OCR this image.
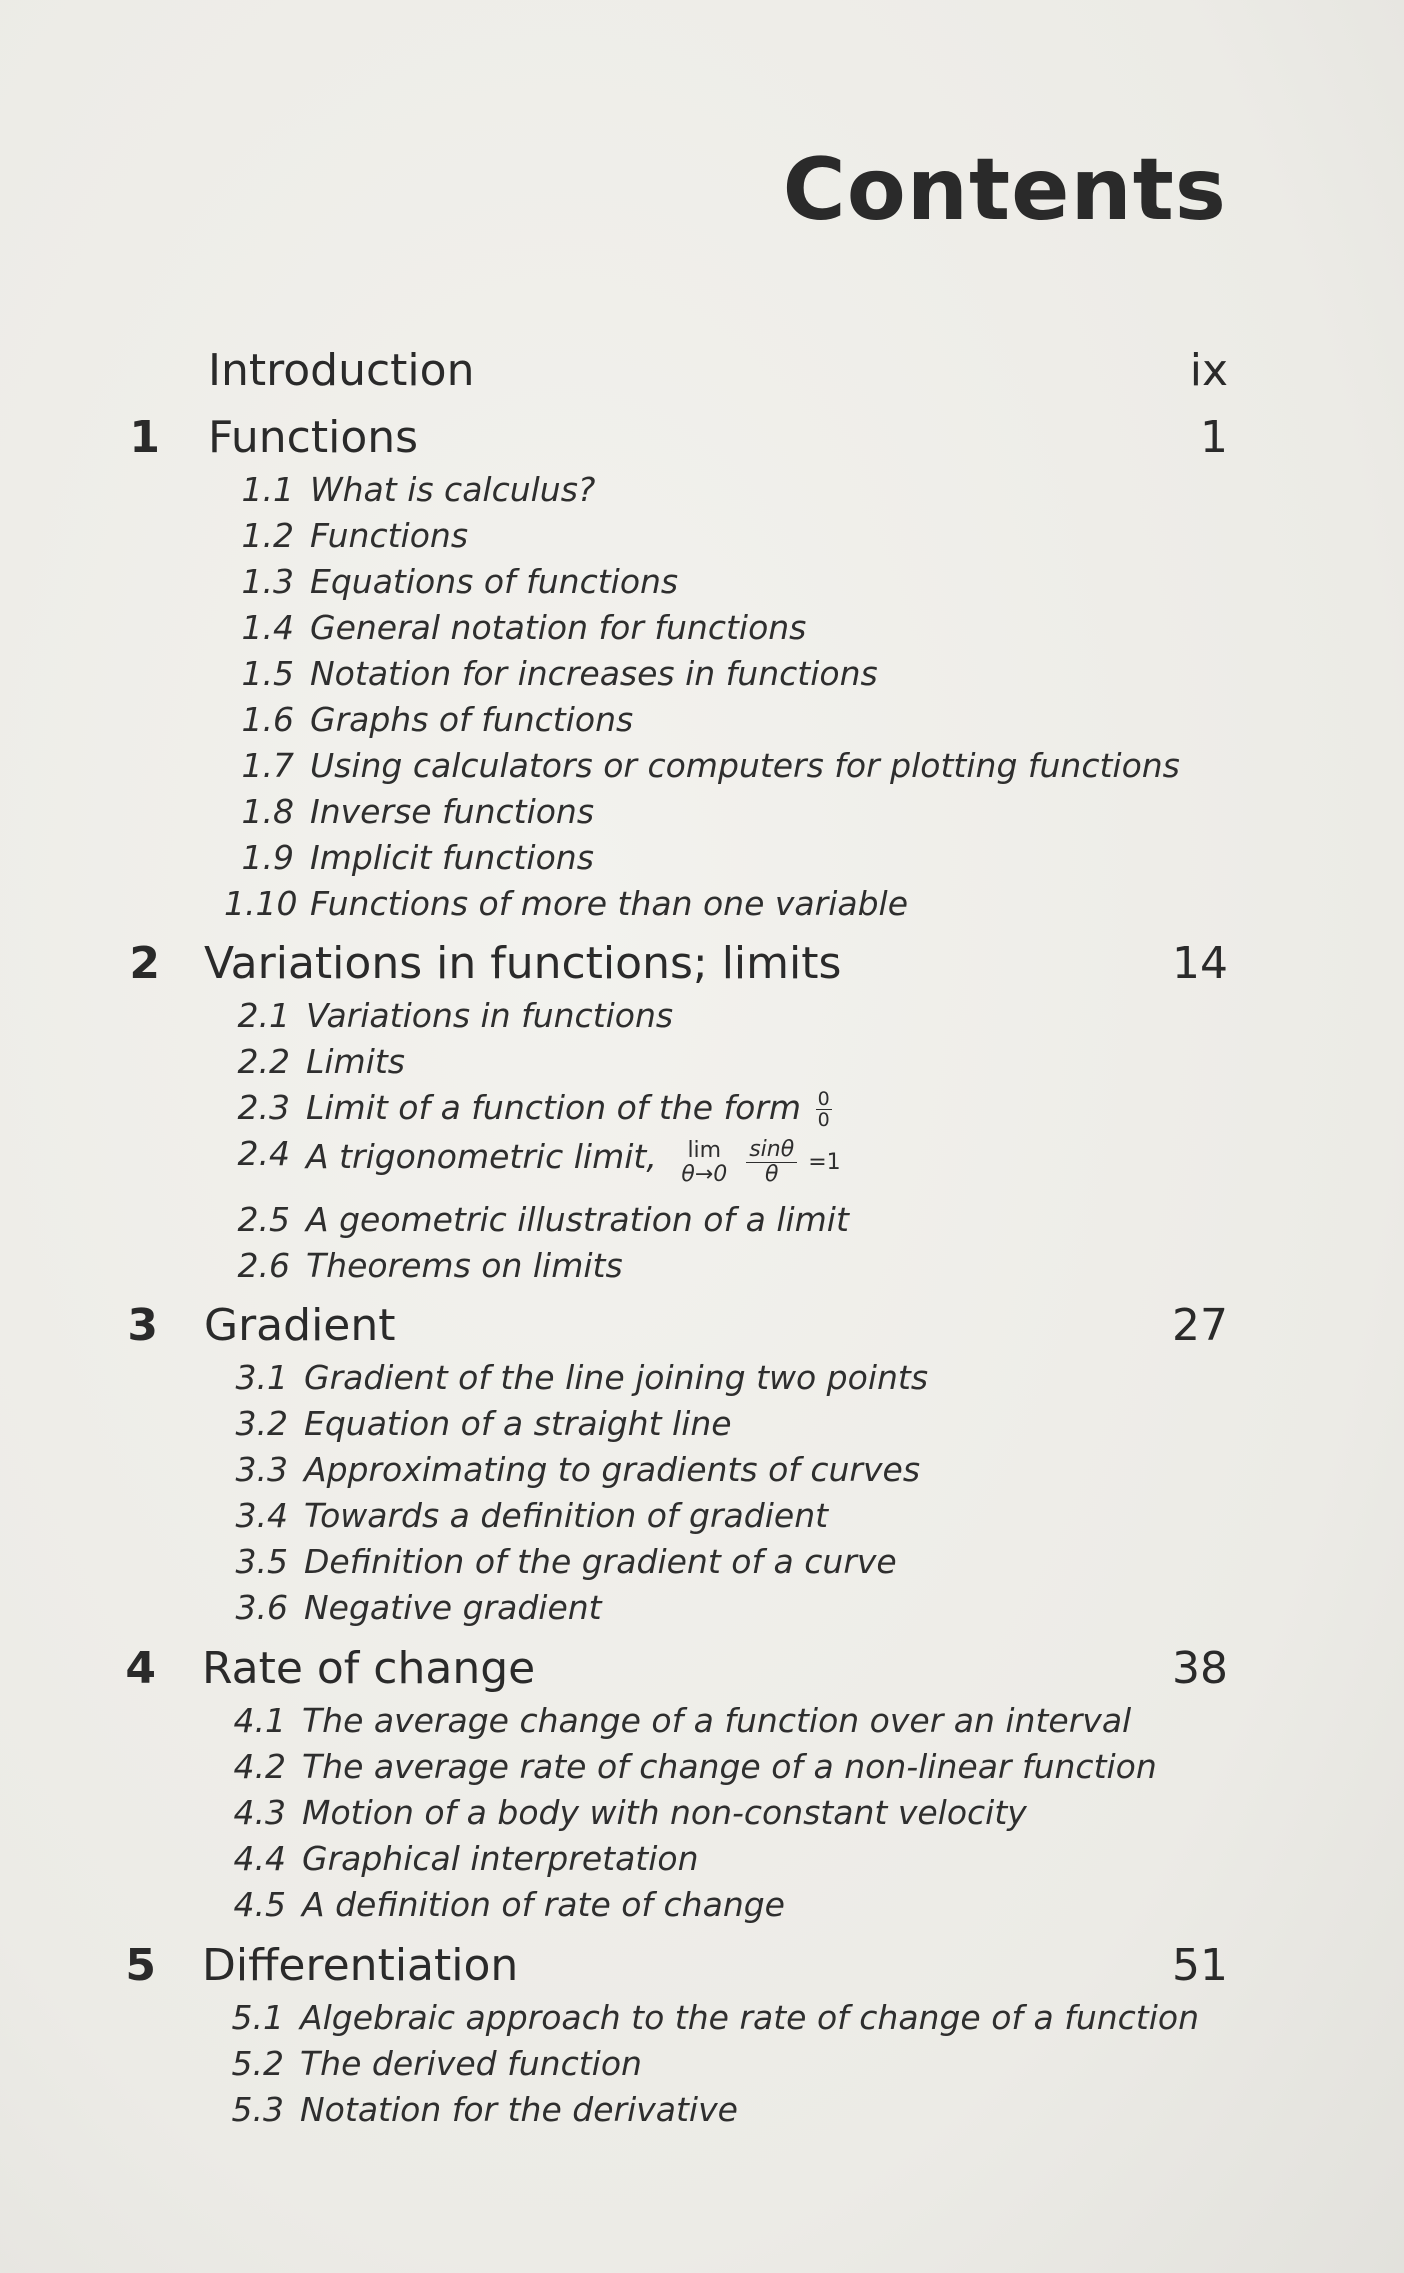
Contents
Introduction	ix
1 Functions	1
1.1 What is calculus?
1.2 Functions
1.3 Equations of functions
1.4 General notation for functions
1.5 Notation for increases in functions
1.6 Graphs of functions
1.7 Using calculators or computers for plotting functions
1.8 Inverse functions
1.9 Implicit functions
1.10 Functions of more than one variable
2 Variations in functions; limits	14
2.1 Variations in functions
2.2 Limits
2.3 Limit of a function of the form $\frac{0}{0}$
2.4 A trigonometric limit, lim
θ→0
$\frac{\sin\theta}{\theta} =1$
2.5 A geometric illustration of a limit
2.6 Theorems on limits
3 Gradient	27
3.1 Gradient of the line joining two points
3.2 Equation of a straight line
3.3 Approximating to gradients of curves
3.4 Towards a definition of gradient
3.5 Definition of the gradient of a curve
3.6 Negative gradient
4 Rate of change	38
4.1 The average change of a function over an interval
4.2 The average rate of change of a non-linear function
4.3 Motion of a body with non-constant velocity
4.4 Graphical interpretation
4.5 A definition of rate of change
5 Differentiation	51
5.1 Algebraic approach to the rate of change of a function
5.2 The derived function
5.3 Notation for the derivative
